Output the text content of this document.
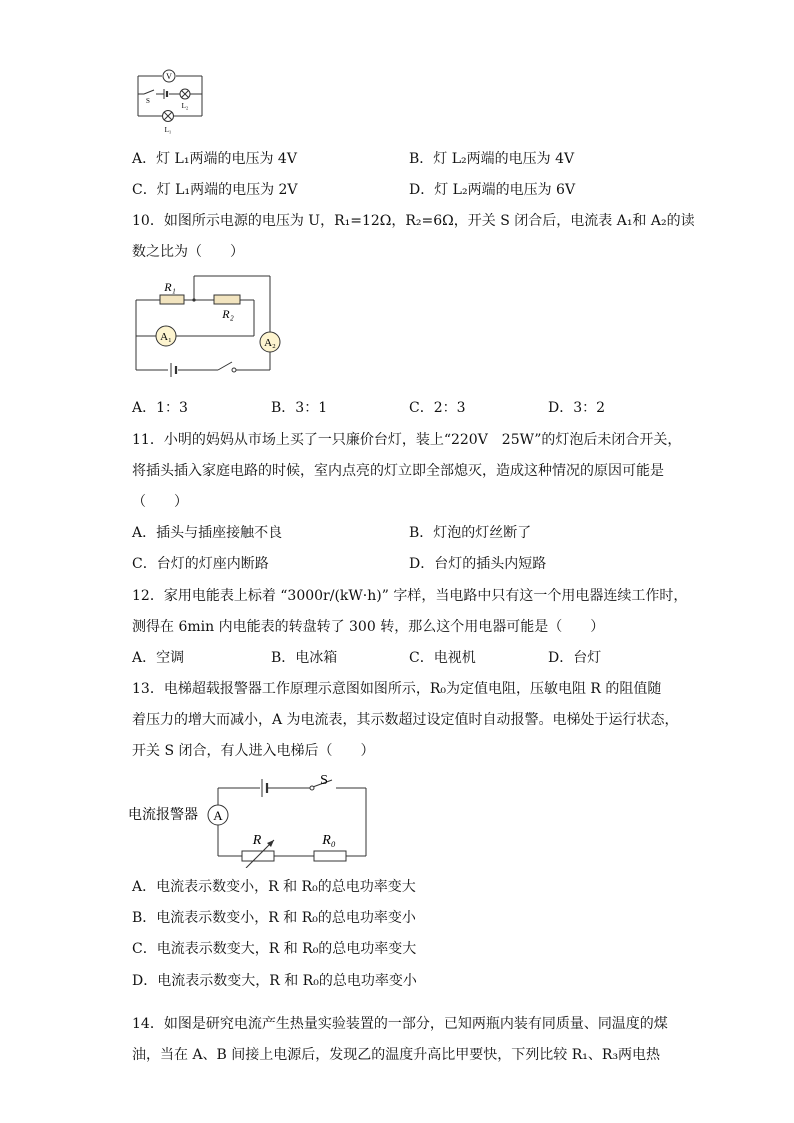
V
S
L₂
L₁
A．灯 L₁两端的电压为 4V	B．灯 L₂两端的电压为 4V
C．灯 L₁两端的电压为 2V	D．灯 L₂两端的电压为 6V
10．如图所示电源的电压为 U，R₁=12Ω，R₂=6Ω，开关 S 闭合后，电流表 A₁和 A₂的读
数之比为（　　）
R₁
R₂
A₁	A₂
A．1：3	B．3：1	C．2：3	D．3：2
11．小明的妈妈从市场上买了一只廉价台灯，装上“220V　25W”的灯泡后未闭合开关，
将插头插入家庭电路的时候，室内点亮的灯立即全部熄灭，造成这种情况的原因可能是
（　　）
A．插头与插座接触不良	B．灯泡的灯丝断了
C．台灯的灯座内断路	D．台灯的插头内短路
12．家用电能表上标着 “3000r/(kW·h)” 字样，当电路中只有这一个用电器连续工作时，
测得在 6min 内电能表的转盘转了 300 转，那么这个用电器可能是（　　）
A．空调	B．电冰箱	C．电视机	D．台灯
13．电梯超载报警器工作原理示意图如图所示，R₀为定值电阻，压敏电阻 R 的阻值随
着压力的增大而减小，A 为电流表，其示数超过设定值时自动报警。电梯处于运行状态，
开关 S 闭合，有人进入电梯后（　　）
电流报警器 A
S
R	R₀
A．电流表示数变小，R 和 R₀的总电功率变大
B．电流表示数变小，R 和 R₀的总电功率变小
C．电流表示数变大，R 和 R₀的总电功率变大
D．电流表示数变大，R 和 R₀的总电功率变小
14．如图是研究电流产生热量实验装置的一部分，已知两瓶内装有同质量、同温度的煤
油，当在 A、B 间接上电源后，发现乙的温度升高比甲要快，下列比较 R₁、R₃两电热
